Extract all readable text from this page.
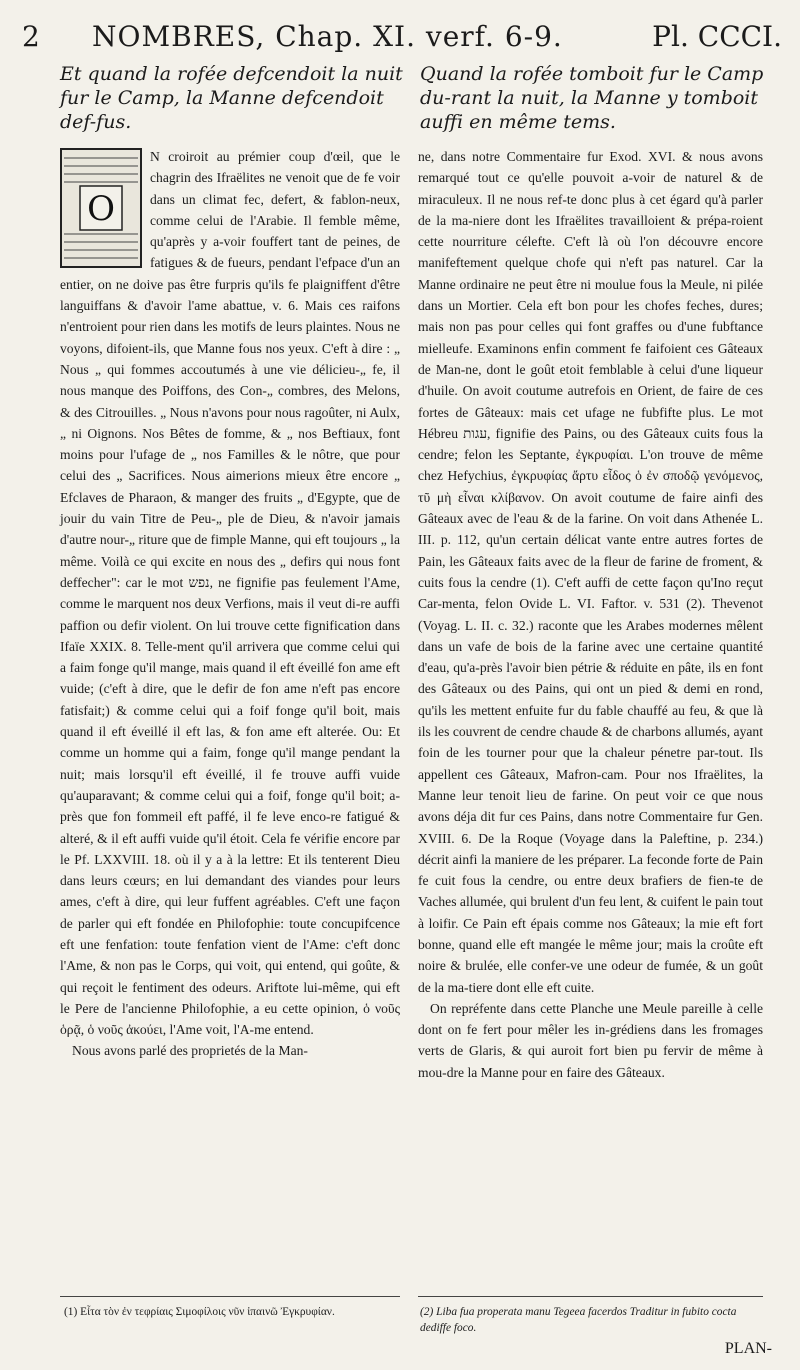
2 NOMBRES, Chap. XI. verf. 6-9.	Pl. CCCI.
Et quand la rofée defcendoit la nuit fur le Camp, la Manne defcendoit def-fus.
Quand la rofée tomboit fur le Camp du-rant la nuit, la Manne y tomboit auffi en même tems.
O

N croiroit au prémier coup d'œil, que le chagrin des Ifraëlites ne venoit que de fe voir dans un climat fec, defert, & fablon-neux, comme celui de l'Arabie. Il femble même, qu'après y a-voir fouffert tant de peines, de fatigues & de fueurs, pendant l'efpace d'un an entier, on ne doive pas être furpris qu'ils fe plaigniffent d'être languiffans & d'avoir l'ame abattue, v. 6. Mais ces raifons n'entroient pour rien dans les motifs de leurs plaintes. Nous ne voyons, difoient-ils, que Manne fous nos yeux. C'eft à dire : „ Nous „ qui fommes accoutumés à une vie délicieu-„ fe, il nous manque des Poiffons, des Con-„ combres, des Melons, & des Citrouilles. „ Nous n'avons pour nous ragoûter, ni Aulx, „ ni Oignons. Nos Bêtes de fomme, & „ nos Beftiaux, font moins pour l'ufage de „ nos Familles & le nôtre, que pour celui des „ Sacrifices. Nous aimerions mieux être encore „ Efclaves de Pharaon, & manger des fruits „ d'Egypte, que de jouir du vain Titre de Peu-„ ple de Dieu, & n'avoir jamais d'autre nour-„ riture que de fimple Manne, qui eft toujours „ la même. Voilà ce qui excite en nous des „ defirs qui nous font deffecher": car le mot נפש, ne fignifie pas feulement l'Ame, comme le marquent nos deux Verfions, mais il veut di-re auffi paffion ou defir violent. On lui trouve cette fignification dans Ifaïe XXIX. 8. Telle-ment qu'il arrivera que comme celui qui a faim fonge qu'il mange, mais quand il eft éveillé fon ame eft vuide; (c'eft à dire, que le defir de fon ame n'eft pas encore fatisfait;) & comme celui qui a foif fonge qu'il boit, mais quand il eft éveillé il eft las, & fon ame eft alterée. Ou: Et comme un homme qui a faim, fonge qu'il mange pendant la nuit; mais lorsqu'il eft éveillé, il fe trouve auffi vuide qu'auparavant; & comme celui qui a foif, fonge qu'il boit; a-près que fon fommeil eft paffé, il fe leve enco-re fatigué & alteré, & il eft auffi vuide qu'il étoit. Cela fe vérifie encore par le Pf. LXXVIII. 18. où il y a à la lettre: Et ils tenterent Dieu dans leurs cœurs; en lui demandant des viandes pour leurs ames, c'eft à dire, qui leur fuffent agréables. C'eft une façon de parler qui eft fondée en Philofophie: toute concupifcence eft une fenfation: toute fenfation vient de l'Ame: c'eft donc l'Ame, & non pas le Corps, qui voit, qui entend, qui goûte, & qui reçoit le fentiment des odeurs. Ariftote lui-même, qui eft le Pere de l'ancienne Philofophie, a eu cette opinion, ὁ νοῦς ὁρᾷ, ὁ νοῦς ἀκούει, l'Ame voit, l'A-me entend.

Nous avons parlé des proprietés de la Man-

ne, dans notre Commentaire fur Exod. XVI. & nous avons remarqué tout ce qu'elle pouvoit a-voir de naturel & de miraculeux. Il ne nous ref-te donc plus à cet égard qu'à parler de la ma-niere dont les Ifraëlites travailloient & prépa-roient cette nourriture célefte. C'eft là où l'on découvre encore manifeftement quelque chofe qui n'eft pas naturel. Car la Manne ordinaire ne peut être ni moulue fous la Meule, ni pilée dans un Mortier. Cela eft bon pour les chofes feches, dures; mais non pas pour celles qui font graffes ou d'une fubftance mielleufe. Examinons enfin comment fe faifoient ces Gâteaux de Man-ne, dont le goût etoit femblable à celui d'une liqueur d'huile. On avoit coutume autrefois en Orient, de faire de ces fortes de Gâteaux: mais cet ufage ne fubfifte plus. Le mot Hébreu עגות, fignifie des Pains, ou des Gâteaux cuits fous la cendre; felon les Septante, ἐγκρυφίαι. L'on trouve de même chez Hefychius, ἐγκρυφίας ἄρτυ εἶδος ὁ ἐν σποδῷ γενόμενος, τῦ μὴ εἶναι κλίβανον. On avoit coutume de faire ainfi des Gâteaux avec de l'eau & de la farine. On voit dans Athenée L. III. p. 112, qu'un certain délicat vante entre autres fortes de Pain, les Gâteaux faits avec de la fleur de farine de froment, & cuits fous la cendre (1). C'eft auffi de cette façon qu'Ino reçut Car-menta, felon Ovide L. VI. Faftor. v. 531 (2). Thevenot (Voyag. L. II. c. 32.) raconte que les Arabes modernes mêlent dans un vafe de bois de la farine avec une certaine quantité d'eau, qu'a-près l'avoir bien pétrie & réduite en pâte, ils en font des Gâteaux ou des Pains, qui ont un pied & demi en rond, qu'ils les mettent enfuite fur du fable chauffé au feu, & que là ils les couvrent de cendre chaude & de charbons allumés, ayant foin de les tourner pour que la chaleur pénetre par-tout. Ils appellent ces Gâteaux, Mafron-cam. Pour nos Ifraëlites, la Manne leur tenoit lieu de farine. On peut voir ce que nous avons déja dit fur ces Pains, dans notre Commentaire fur Gen. XVIII. 6. De la Roque (Voyage dans la Paleftine, p. 234.) décrit ainfi la maniere de les préparer. La feconde forte de Pain fe cuit fous la cendre, ou entre deux brafiers de fien-te de Vaches allumée, qui brulent d'un feu lent, & cuifent le pain tout à loifir. Ce Pain eft épais comme nos Gâteaux; la mie eft fort bonne, quand elle eft mangée le même jour; mais la croûte eft noire & brulée, elle confer-ve une odeur de fumée, & un goût de la ma-tiere dont elle eft cuite.

On repréfente dans cette Planche une Meule pareille à celle dont on fe fert pour mêler les in-grédiens dans les fromages verts de Glaris, & qui auroit fort bien pu fervir de même à mou-dre la Manne pour en faire des Gâteaux.

(1) Εἶτα τὸν ἐν τεφρίαις Σιμοφίλοις νῦν ἰπαινῶ Ἐγκρυφίαν.	(2) Liba fua properata manu Tegeea facerdos Traditur in fubito cocta dediffe foco.
PLAN-
